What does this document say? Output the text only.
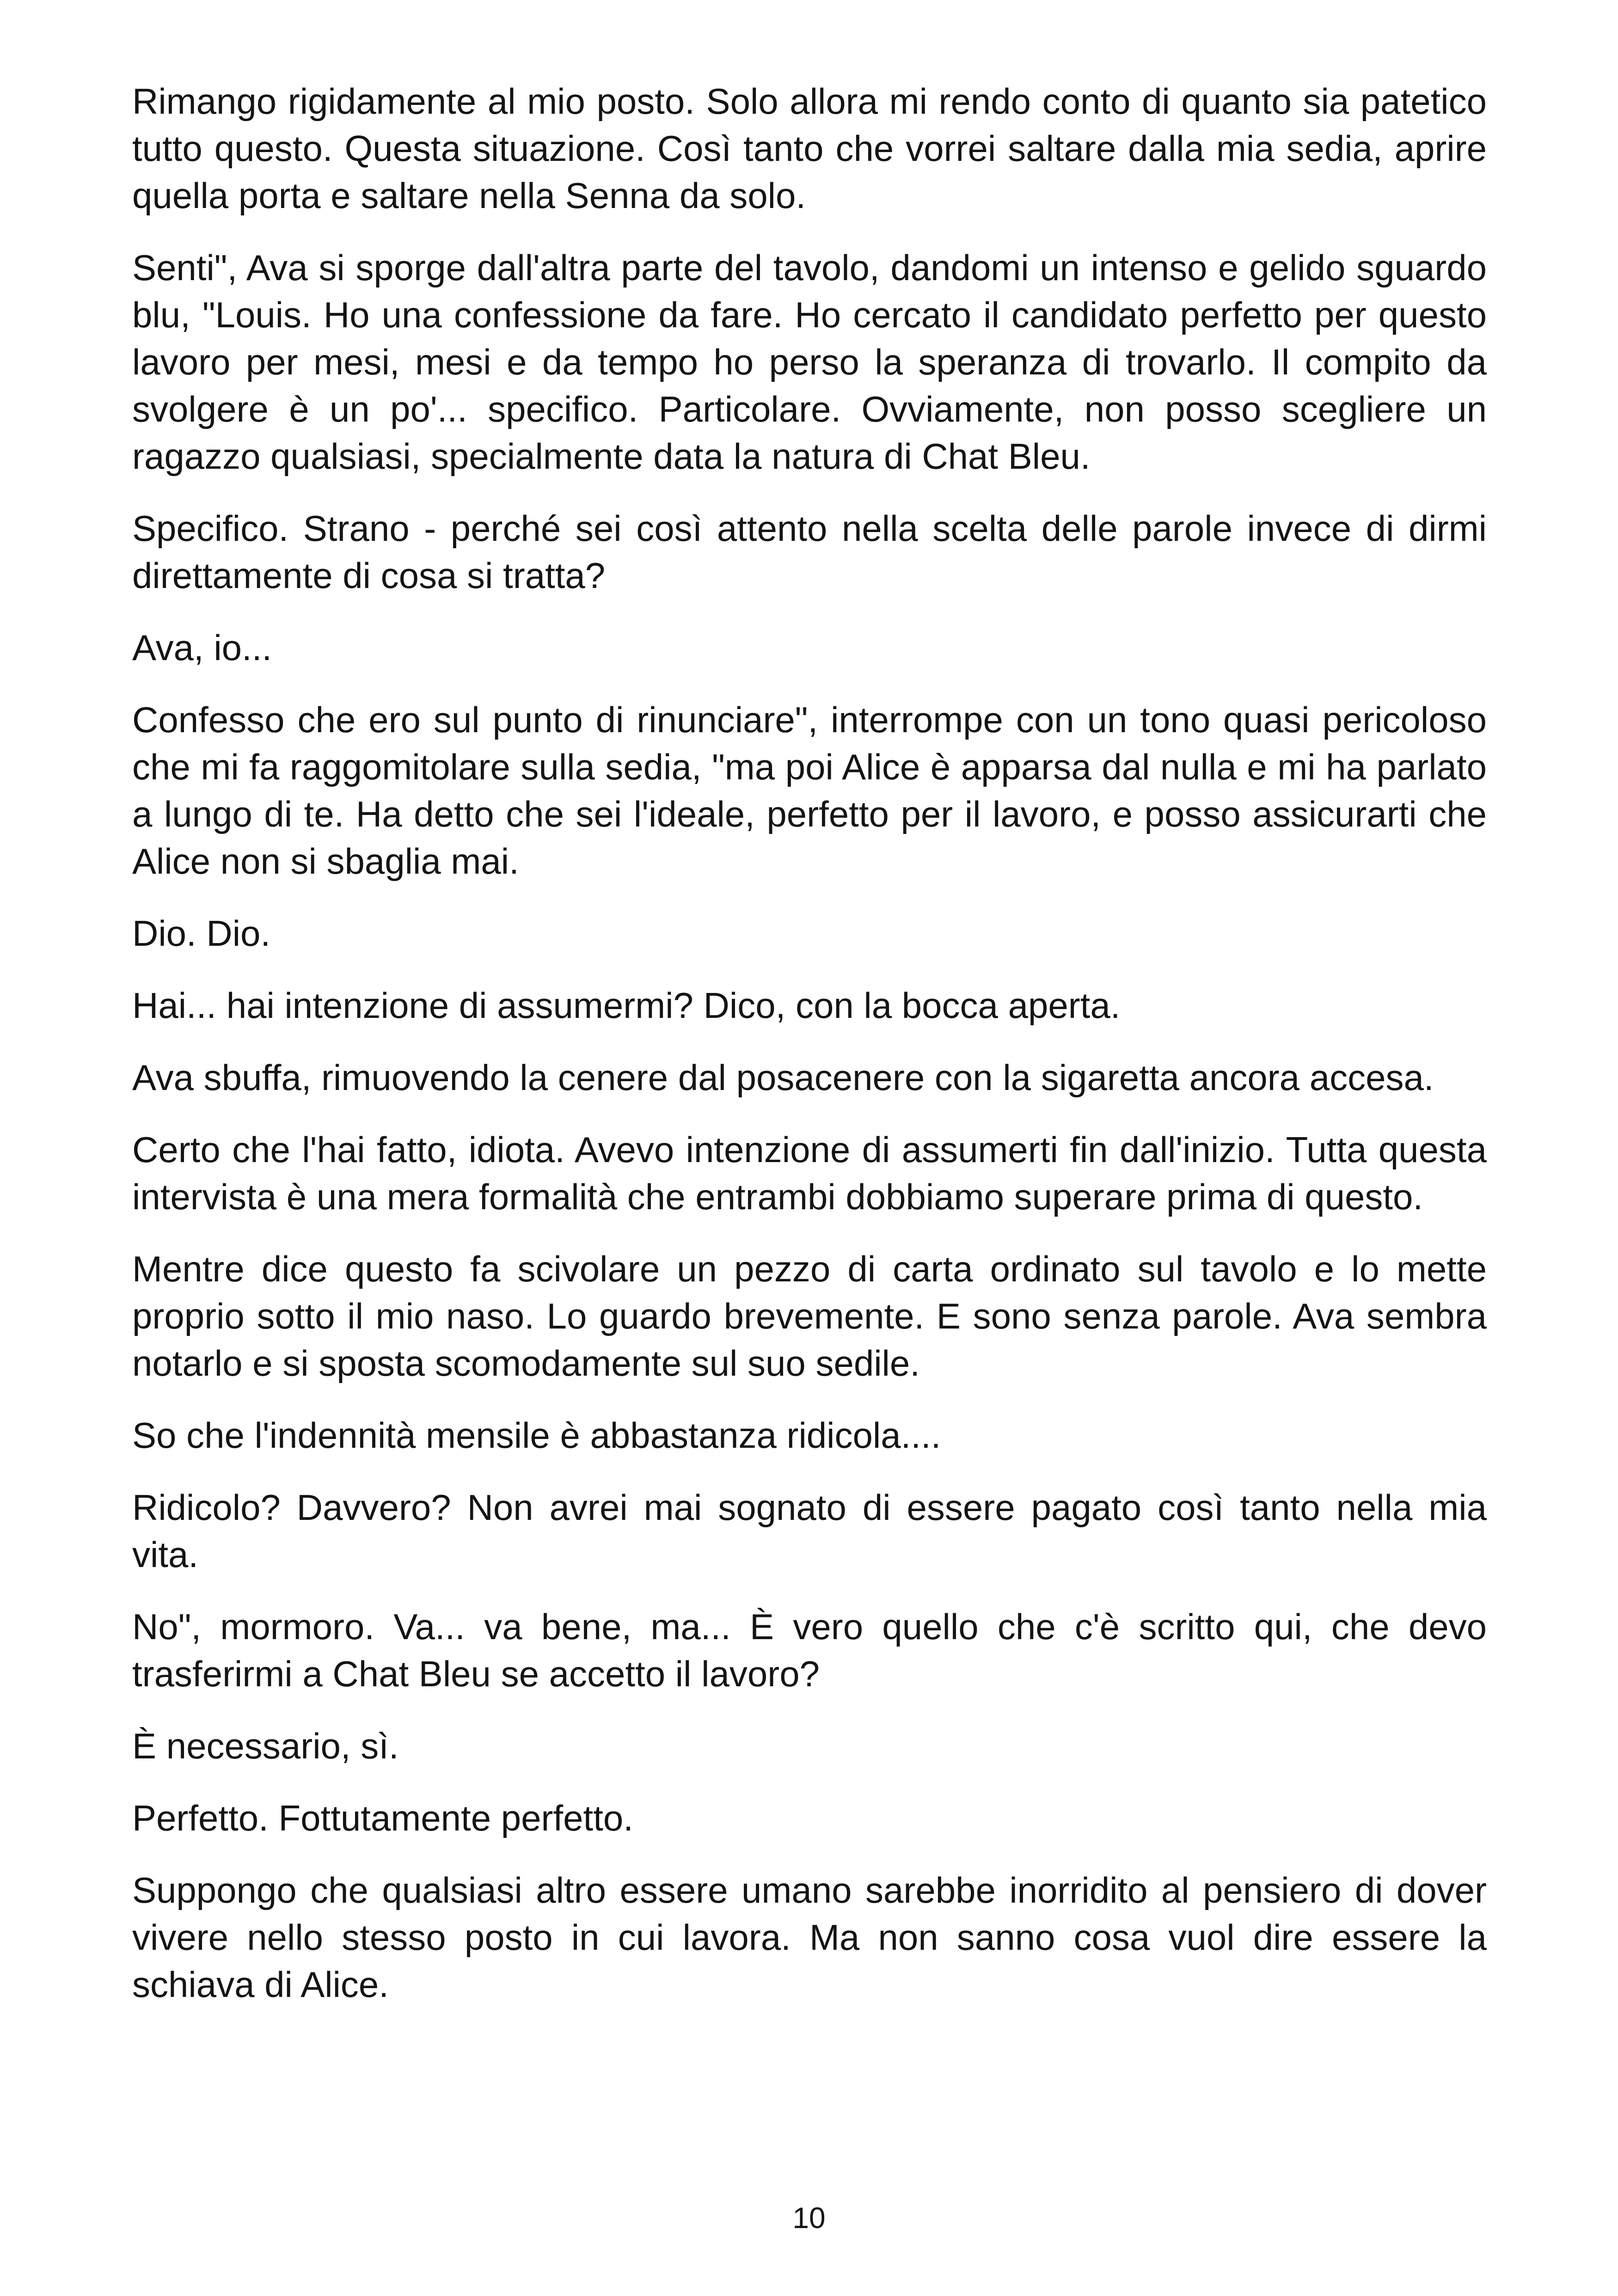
Rimango rigidamente al mio posto. Solo allora mi rendo conto di quanto sia patetico tutto questo. Questa situazione. Così tanto che vorrei saltare dalla mia sedia, aprire quella porta e saltare nella Senna da solo.

Senti", Ava si sporge dall'altra parte del tavolo, dandomi un intenso e gelido sguardo blu, "Louis. Ho una confessione da fare. Ho cercato il candidato perfetto per questo lavoro per mesi, mesi e da tempo ho perso la speranza di trovarlo. Il compito da svolgere è un po'... specifico. Particolare. Ovviamente, non posso scegliere un ragazzo qualsiasi, specialmente data la natura di Chat Bleu.

Specifico. Strano - perché sei così attento nella scelta delle parole invece di dirmi direttamente di cosa si tratta?

Ava, io...

Confesso che ero sul punto di rinunciare", interrompe con un tono quasi pericoloso che mi fa raggomitolare sulla sedia, "ma poi Alice è apparsa dal nulla e mi ha parlato a lungo di te. Ha detto che sei l'ideale, perfetto per il lavoro, e posso assicurarti che Alice non si sbaglia mai.

Dio. Dio.

Hai... hai intenzione di assumermi? Dico, con la bocca aperta.

Ava sbuffa, rimuovendo la cenere dal posacenere con la sigaretta ancora accesa.

Certo che l'hai fatto, idiota. Avevo intenzione di assumerti fin dall'inizio. Tutta questa intervista è una mera formalità che entrambi dobbiamo superare prima di questo.

Mentre dice questo fa scivolare un pezzo di carta ordinato sul tavolo e lo mette proprio sotto il mio naso. Lo guardo brevemente. E sono senza parole. Ava sembra notarlo e si sposta scomodamente sul suo sedile.

So che l'indennità mensile è abbastanza ridicola....

Ridicolo? Davvero? Non avrei mai sognato di essere pagato così tanto nella mia vita.

No", mormoro. Va... va bene, ma... È vero quello che c'è scritto qui, che devo trasferirmi a Chat Bleu se accetto il lavoro?

È necessario, sì.

Perfetto. Fottutamente perfetto.

Suppongo che qualsiasi altro essere umano sarebbe inorridito al pensiero di dover vivere nello stesso posto in cui lavora. Ma non sanno cosa vuol dire essere la schiava di Alice.

10
